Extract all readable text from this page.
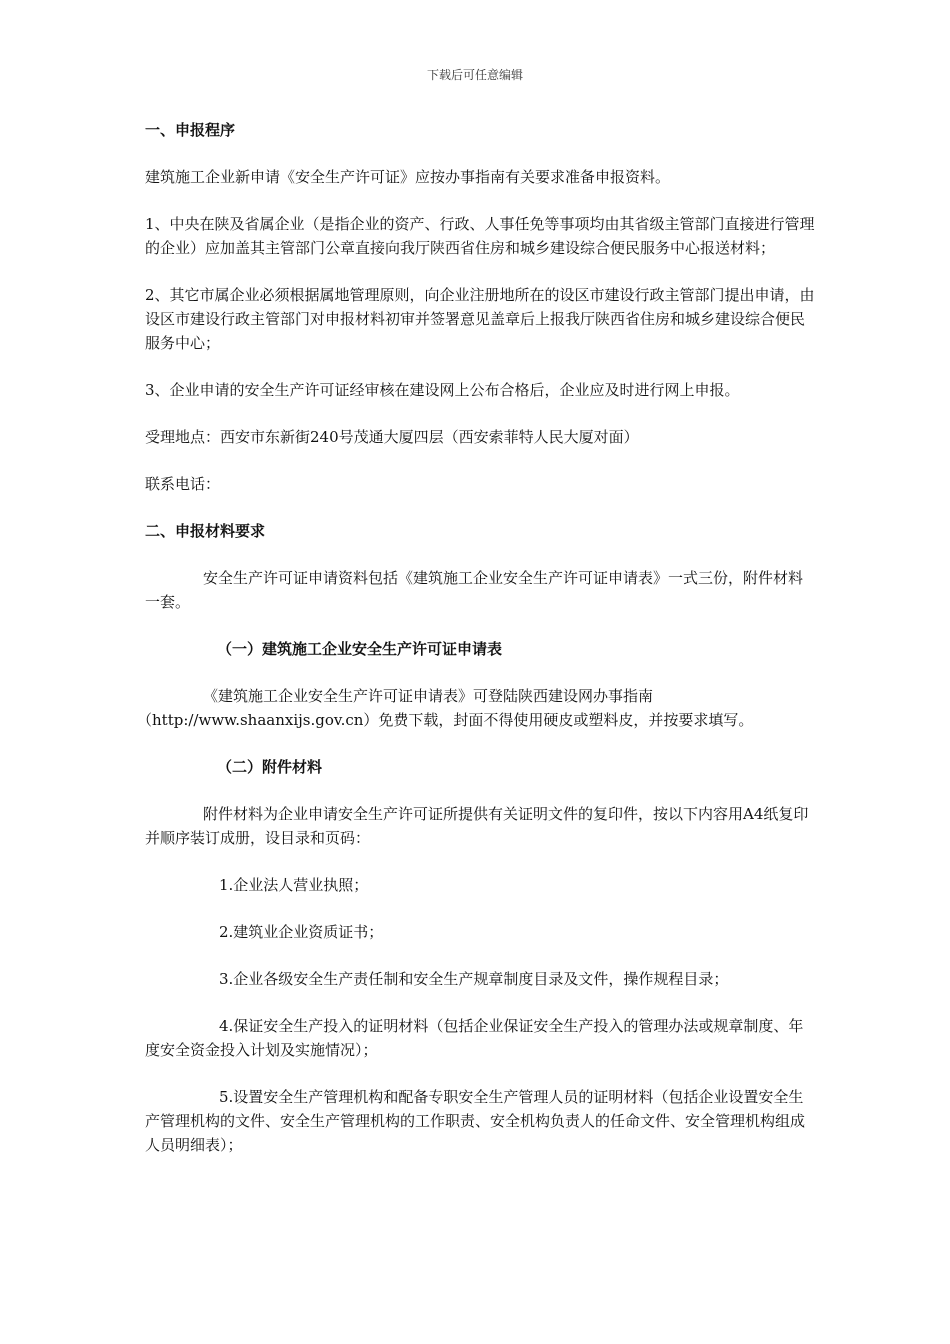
下载后可任意编辑

一、申报程序

建筑施工企业新申请《安全生产许可证》应按办事指南有关要求准备申报资料。

1、中央在陕及省属企业（是指企业的资产、行政、人事任免等事项均由其省级主管部门直接进行管理的企业）应加盖其主管部门公章直接向我厅陕西省住房和城乡建设综合便民服务中心报送材料；

2、其它市属企业必须根据属地管理原则，向企业注册地所在的设区市建设行政主管部门提出申请，由设区市建设行政主管部门对申报材料初审并签署意见盖章后上报我厅陕西省住房和城乡建设综合便民服务中心；

3、企业申请的安全生产许可证经审核在建设网上公布合格后，企业应及时进行网上申报。

受理地点：西安市东新街240号茂通大厦四层（西安索菲特人民大厦对面）

联系电话：

二、申报材料要求

安全生产许可证申请资料包括《建筑施工企业安全生产许可证申请表》一式三份，附件材料一套。

（一）建筑施工企业安全生产许可证申请表

《建筑施工企业安全生产许可证申请表》可登陆陕西建设网办事指南
（http://www.shaanxijs.gov.cn）免费下载，封面不得使用硬皮或塑料皮，并按要求填写。

（二）附件材料

附件材料为企业申请安全生产许可证所提供有关证明文件的复印件，按以下内容用A4纸复印并顺序装订成册，设目录和页码：

1.企业法人营业执照；

2.建筑业企业资质证书；

3.企业各级安全生产责任制和安全生产规章制度目录及文件，操作规程目录；

4.保证安全生产投入的证明材料（包括企业保证安全生产投入的管理办法或规章制度、年度安全资金投入计划及实施情况）；

5.设置安全生产管理机构和配备专职安全生产管理人员的证明材料（包括企业设置安全生产管理机构的文件、安全生产管理机构的工作职责、安全机构负责人的任命文件、安全管理机构组成人员明细表）；
